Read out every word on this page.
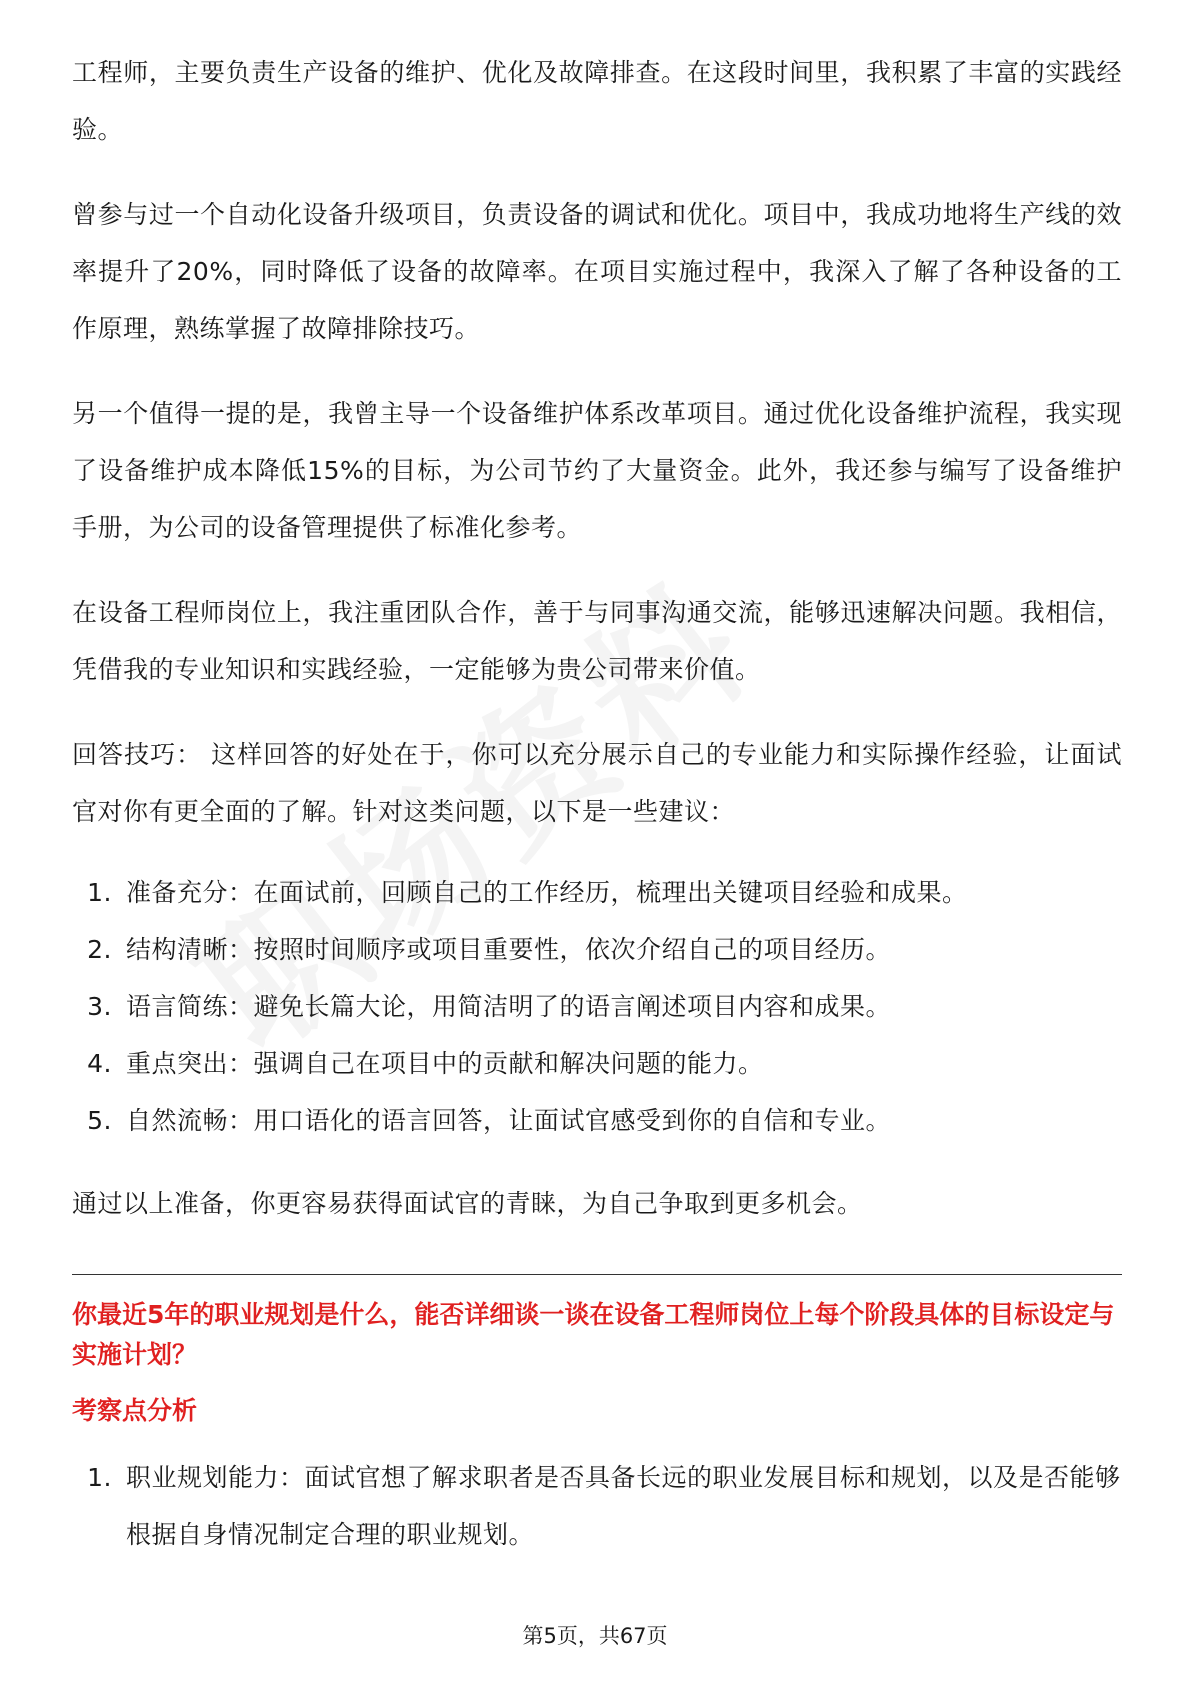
工程师，主要负责生产设备的维护、优化及故障排查。在这段时间里，我积累了丰富的实践经验。

曾参与过一个自动化设备升级项目，负责设备的调试和优化。项目中，我成功地将生产线的效率提升了20%，同时降低了设备的故障率。在项目实施过程中，我深入了解了各种设备的工作原理，熟练掌握了故障排除技巧。

另一个值得一提的是，我曾主导一个设备维护体系改革项目。通过优化设备维护流程，我实现了设备维护成本降低15%的目标，为公司节约了大量资金。此外，我还参与编写了设备维护手册，为公司的设备管理提供了标准化参考。

在设备工程师岗位上，我注重团队合作，善于与同事沟通交流，能够迅速解决问题。我相信，凭借我的专业知识和实践经验，一定能够为贵公司带来价值。

回答技巧： 这样回答的好处在于，你可以充分展示自己的专业能力和实际操作经验，让面试官对你有更全面的了解。针对这类问题，以下是一些建议：

1. 准备充分：在面试前，回顾自己的工作经历，梳理出关键项目经验和成果。
2. 结构清晰：按照时间顺序或项目重要性，依次介绍自己的项目经历。
3. 语言简练：避免长篇大论，用简洁明了的语言阐述项目内容和成果。
4. 重点突出：强调自己在项目中的贡献和解决问题的能力。
5. 自然流畅：用口语化的语言回答，让面试官感受到你的自信和专业。

通过以上准备，你更容易获得面试官的青睐，为自己争取到更多机会。

你最近5年的职业规划是什么，能否详细谈一谈在设备工程师岗位上每个阶段具体的目标设定与实施计划？
考察点分析
1. 职业规划能力：面试官想了解求职者是否具备长远的职业发展目标和规划，以及是否能够根据自身情况制定合理的职业规划。
第5页，共67页
